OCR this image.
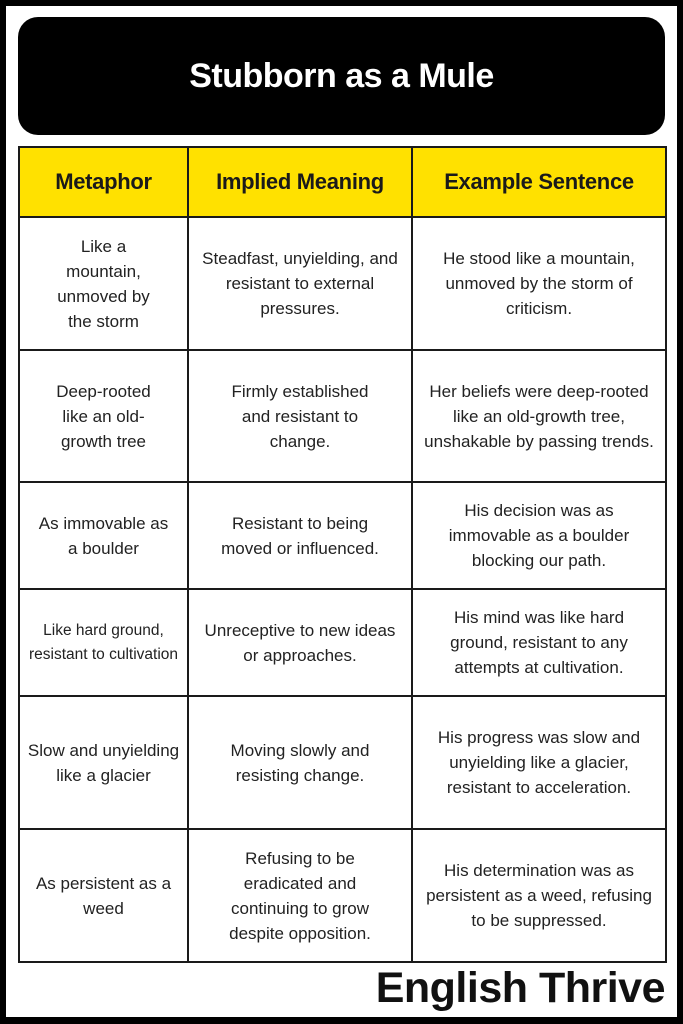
Stubborn as a Mule
Metaphor	Implied Meaning	Example Sentence
Like a mountain, unmoved by the storm	Steadfast, unyielding, and resistant to external pressures.	He stood like a mountain, unmoved by the storm of criticism.
Deep-rooted like an old-growth tree	Firmly established and resistant to change.	Her beliefs were deep-rooted like an old-growth tree, unshakable by passing trends.
As immovable as a boulder	Resistant to being moved or influenced.	His decision was as immovable as a boulder blocking our path.
Like hard ground, resistant to cultivation	Unreceptive to new ideas or approaches.	His mind was like hard ground, resistant to any attempts at cultivation.
Slow and unyielding like a glacier	Moving slowly and resisting change.	His progress was slow and unyielding like a glacier, resistant to acceleration.
As persistent as a weed	Refusing to be eradicated and continuing to grow despite opposition.	His determination was as persistent as a weed, refusing to be suppressed.
English Thrive
